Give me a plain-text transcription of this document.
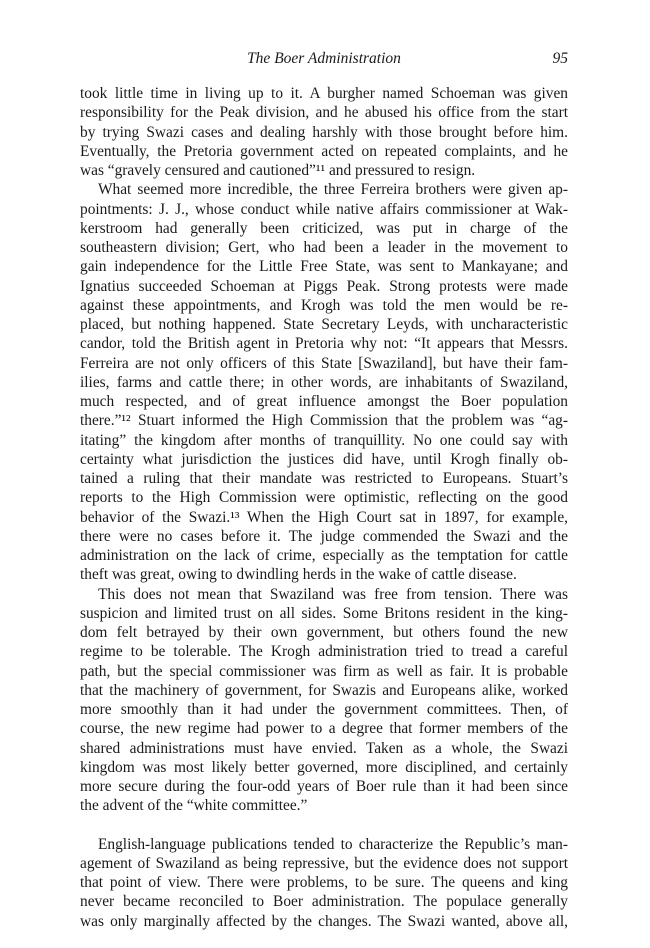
The Boer Administration	95
took little time in living up to it. A burgher named Schoeman was given
responsibility for the Peak division, and he abused his office from the start
by trying Swazi cases and dealing harshly with those brought before him.
Eventually, the Pretoria government acted on repeated complaints, and he
was “gravely censured and cautioned”¹¹ and pressured to resign.
What seemed more incredible, the three Ferreira brothers were given ap-
pointments: J. J., whose conduct while native affairs commissioner at Wak-
kerstroom had generally been criticized, was put in charge of the
southeastern division; Gert, who had been a leader in the movement to
gain independence for the Little Free State, was sent to Mankayane; and
Ignatius succeeded Schoeman at Piggs Peak. Strong protests were made
against these appointments, and Krogh was told the men would be re-
placed, but nothing happened. State Secretary Leyds, with uncharacteristic
candor, told the British agent in Pretoria why not: “It appears that Messrs.
Ferreira are not only officers of this State [Swaziland], but have their fam-
ilies, farms and cattle there; in other words, are inhabitants of Swaziland,
much respected, and of great influence amongst the Boer population
there.”¹² Stuart informed the High Commission that the problem was “ag-
itating” the kingdom after months of tranquillity. No one could say with
certainty what jurisdiction the justices did have, until Krogh finally ob-
tained a ruling that their mandate was restricted to Europeans. Stuart’s
reports to the High Commission were optimistic, reflecting on the good
behavior of the Swazi.¹³ When the High Court sat in 1897, for example,
there were no cases before it. The judge commended the Swazi and the
administration on the lack of crime, especially as the temptation for cattle
theft was great, owing to dwindling herds in the wake of cattle disease.
This does not mean that Swaziland was free from tension. There was
suspicion and limited trust on all sides. Some Britons resident in the king-
dom felt betrayed by their own government, but others found the new
regime to be tolerable. The Krogh administration tried to tread a careful
path, but the special commissioner was firm as well as fair. It is probable
that the machinery of government, for Swazis and Europeans alike, worked
more smoothly than it had under the government committees. Then, of
course, the new regime had power to a degree that former members of the
shared administrations must have envied. Taken as a whole, the Swazi
kingdom was most likely better governed, more disciplined, and certainly
more secure during the four-odd years of Boer rule than it had been since
the advent of the “white committee.”
English-language publications tended to characterize the Republic’s man-
agement of Swaziland as being repressive, but the evidence does not support
that point of view. There were problems, to be sure. The queens and king
never became reconciled to Boer administration. The populace generally
was only marginally affected by the changes. The Swazi wanted, above all,
